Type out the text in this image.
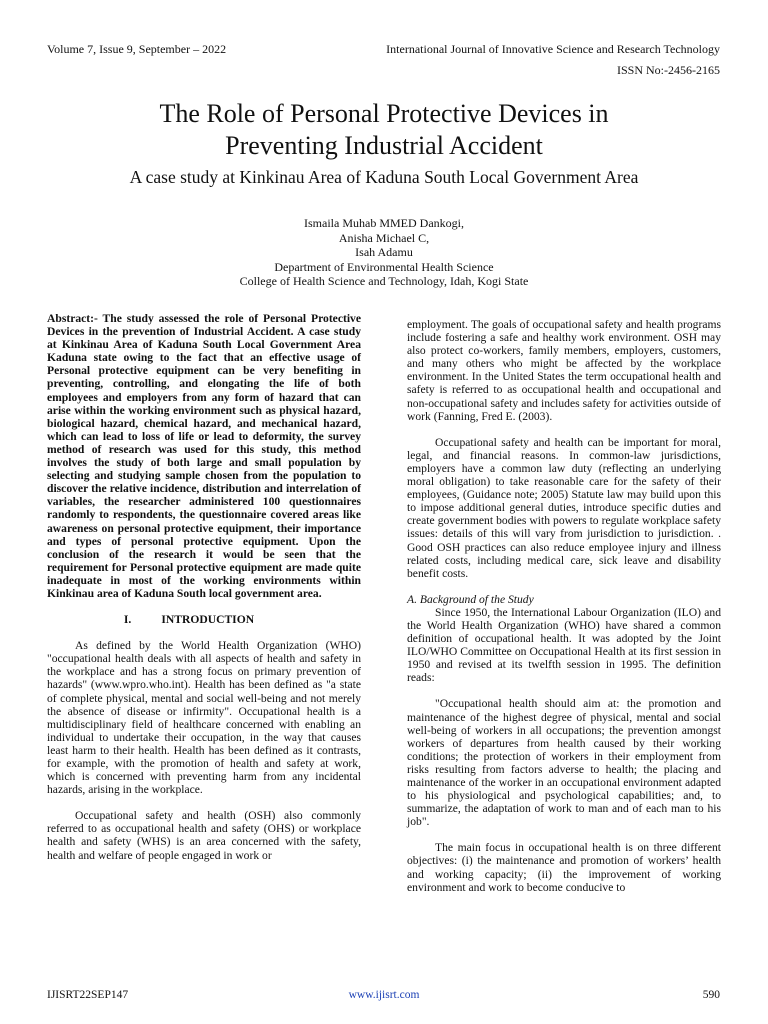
Volume 7, Issue 9, September – 2022	International Journal of Innovative Science and Research Technology
ISSN No:-2456-2165
The Role of Personal Protective Devices in
Preventing Industrial Accident
A case study at Kinkinau Area of Kaduna South Local Government Area
Ismaila Muhab MMED Dankogi,
Anisha Michael C,
Isah Adamu
Department of Environmental Health Science
College of Health Science and Technology, Idah, Kogi State

Abstract:- The study assessed the role of Personal Protective Devices in the prevention of Industrial Accident. A case study at Kinkinau Area of Kaduna South Local Government Area Kaduna state owing to the fact that an effective usage of Personal protective equipment can be very benefiting in preventing, controlling, and elongating the life of both employees and employers from any form of hazard that can arise within the working environment such as physical hazard, biological hazard, chemical hazard, and mechanical hazard, which can lead to loss of life or lead to deformity, the survey method of research was used for this study, this method involves the study of both large and small population by selecting and studying sample chosen from the population to discover the relative incidence, distribution and interrelation of variables, the researcher administered 100 questionnaires randomly to respondents, the questionnaire covered areas like awareness on personal protective equipment, their importance and types of personal protective equipment. Upon the conclusion of the research it would be seen that the requirement for Personal protective equipment are made quite inadequate in most of the working environments within Kinkinau area of Kaduna South local government area.

I.	INTRODUCTION

As defined by the World Health Organization (WHO) "occupational health deals with all aspects of health and safety in the workplace and has a strong focus on primary prevention of hazards" (www.wpro.who.int). Health has been defined as "a state of complete physical, mental and social well-being and not merely the absence of disease or infirmity". Occupational health is a multidisciplinary field of healthcare concerned with enabling an individual to undertake their occupation, in the way that causes least harm to their health. Health has been defined as it contrasts, for example, with the promotion of health and safety at work, which is concerned with preventing harm from any incidental hazards, arising in the workplace.

Occupational safety and health (OSH) also commonly referred to as occupational health and safety (OHS) or workplace health and safety (WHS) is an area concerned with the safety, health and welfare of people engaged in work or

employment. The goals of occupational safety and health programs include fostering a safe and healthy work environment. OSH may also protect co-workers, family members, employers, customers, and many others who might be affected by the workplace environment. In the United States the term occupational health and safety is referred to as occupational health and occupational and non-occupational safety and includes safety for activities outside of work (Fanning, Fred E. (2003).

Occupational safety and health can be important for moral, legal, and financial reasons. In common-law jurisdictions, employers have a common law duty (reflecting an underlying moral obligation) to take reasonable care for the safety of their employees, (Guidance note; 2005) Statute law may build upon this to impose additional general duties, introduce specific duties and create government bodies with powers to regulate workplace safety issues: details of this will vary from jurisdiction to jurisdiction. . Good OSH practices can also reduce employee injury and illness related costs, including medical care, sick leave and disability benefit costs.

A. Background of the Study

Since 1950, the International Labour Organization (ILO) and the World Health Organization (WHO) have shared a common definition of occupational health. It was adopted by the Joint ILO/WHO Committee on Occupational Health at its first session in 1950 and revised at its twelfth session in 1995. The definition reads:

"Occupational health should aim at: the promotion and maintenance of the highest degree of physical, mental and social well-being of workers in all occupations; the prevention amongst workers of departures from health caused by their working conditions; the protection of workers in their employment from risks resulting from factors adverse to health; the placing and maintenance of the worker in an occupational environment adapted to his physiological and psychological capabilities; and, to summarize, the adaptation of work to man and of each man to his job".

The main focus in occupational health is on three different objectives: (i) the maintenance and promotion of workers’ health and working capacity; (ii) the improvement of working environment and work to become conducive to

IJISRT22SEP147	www.ijisrt.com	590
